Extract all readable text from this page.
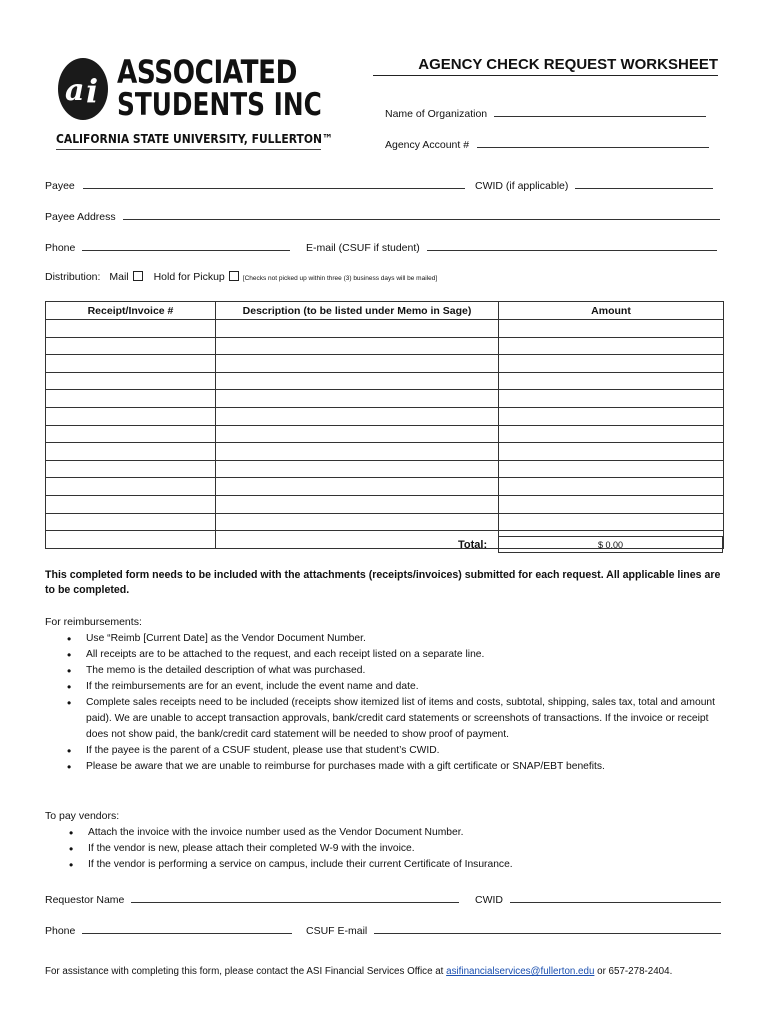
a i ASSOCIATED
STUDENTS INC
CALIFORNIA STATE UNIVERSITY, FULLERTON™
AGENCY CHECK REQUEST WORKSHEET
Name of Organization
Agency Account #
Payee	CWID (if applicable)
Payee Address
Phone	E-mail (CSUF if student)
Distribution: Mail Hold for Pickup	[Checks not picked up within three (3) business days will be mailed]
Receipt/Invoice #	Description (to be listed under Memo in Sage)	Amount

Total:	$ 0.00
This completed form needs to be included with the attachments (receipts/invoices) submitted for each request. All applicable lines are to be completed.
For reimbursements:
• Use “Reimb [Current Date] as the Vendor Document Number.
• All receipts are to be attached to the request, and each receipt listed on a separate line.
• The memo is the detailed description of what was purchased.
• If the reimbursements are for an event, include the event name and date.
• Complete sales receipts need to be included (receipts show itemized list of items and costs, subtotal, shipping, sales tax, total and amount paid). We are unable to accept transaction approvals, bank/credit card statements or screenshots of transactions. If the invoice or receipt does not show paid, the bank/credit card statement will be needed to show proof of payment.
• If the payee is the parent of a CSUF student, please use that student’s CWID.
• Please be aware that we are unable to reimburse for purchases made with a gift certificate or SNAP/EBT benefits.
To pay vendors:
• Attach the invoice with the invoice number used as the Vendor Document Number.
• If the vendor is new, please attach their completed W-9 with the invoice.
• If the vendor is performing a service on campus, include their current Certificate of Insurance.
Requestor Name	CWID
Phone	CSUF E-mail
For assistance with completing this form, please contact the ASI Financial Services Office at asifinancialservices@fullerton.edu or 657-278-2404.
